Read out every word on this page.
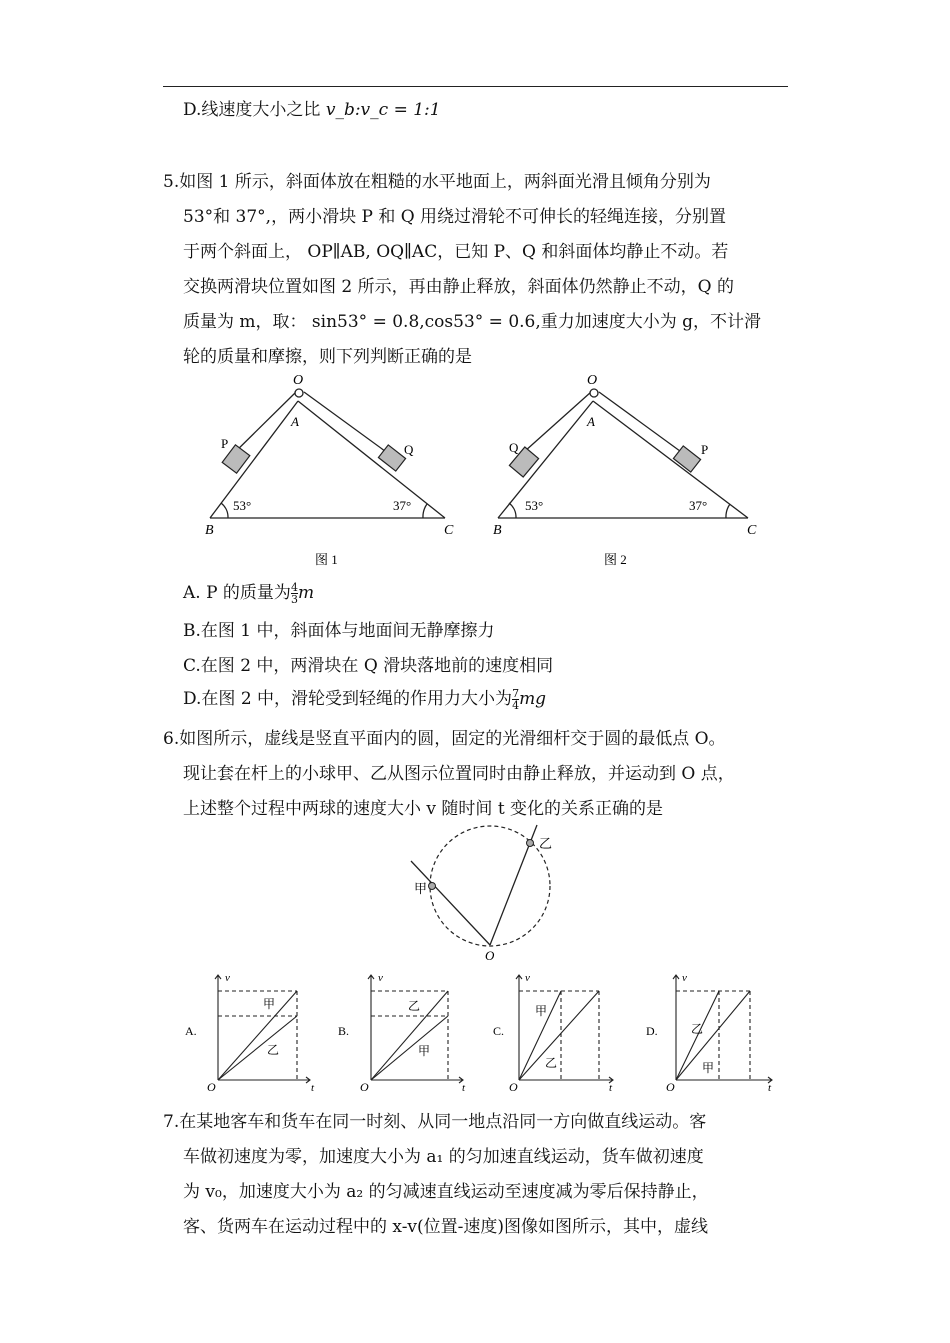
D.线速度大小之比 v_b:v_c = 1:1
5.如图 1 所示，斜面体放在粗糙的水平地面上，两斜面光滑且倾角分别为
53°和 37°,，两小滑块 P 和 Q 用绕过滑轮不可伸长的轻绳连接，分别置
于两个斜面上， OP∥AB, OQ∥AC，已知 P、Q 和斜面体均静止不动。若
交换两滑块位置如图 2 所示，再由静止释放，斜面体仍然静止不动，Q 的
质量为 m，取： sin53° = 0.8,cos53° = 0.6,重力加速度大小为 g，不计滑
轮的质量和摩擦，则下列判断正确的是
O
A
B	C
P	Q
53°	37°
图 1
O
A
B	C
Q	P
53°	37°
图 2
A. P 的质量为 $\frac{4}{3}$ m
B.在图 1 中，斜面体与地面间无静摩擦力
C.在图 2 中，两滑块在 Q 滑块落地前的速度相同
D.在图 2 中，滑轮受到轻绳的作用力大小为 $\frac{7}{4}$ mg
6.如图所示，虚线是竖直平面内的圆，固定的光滑细杆交于圆的最低点 O。
现让套在杆上的小球甲、乙从图示位置同时由静止释放，并运动到 O 点，
上述整个过程中两球的速度大小 v 随时间 t 变化的关系正确的是
甲
乙
O
A.
v
t
O
甲
乙
B.
v
t
O
乙
甲
C.
v
t
O
甲
乙
D.
v
t
O
乙
甲
7.在某地客车和货车在同一时刻、从同一地点沿同一方向做直线运动。客
车做初速度为零，加速度大小为 a₁ 的匀加速直线运动，货车做初速度
为 v₀，加速度大小为 a₂ 的匀减速直线运动至速度减为零后保持静止，
客、货两车在运动过程中的 x-v(位置-速度)图像如图所示，其中，虚线
